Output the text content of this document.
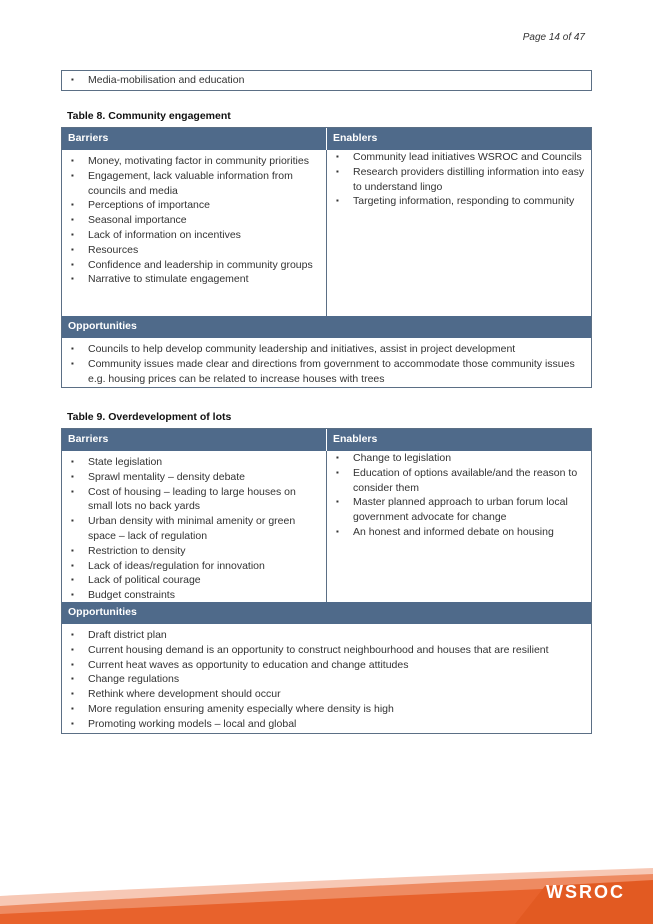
Page 14 of 47
▪ Media-mobilisation and education
Table 8. Community engagement
Barriers	Enablers
▪ Money, motivating factor in community priorities
▪ Engagement, lack valuable information from councils and media
▪ Perceptions of importance
▪ Seasonal importance
▪ Lack of information on incentives
▪ Resources
▪ Confidence and leadership in community groups
▪ Narrative to stimulate engagement
▪ Community lead initiatives WSROC and Councils
▪ Research providers distilling information into easy to understand lingo
▪ Targeting information, responding to community
Opportunities
▪ Councils to help develop community leadership and initiatives, assist in project development
▪ Community issues made clear and directions from government to accommodate those community issues e.g. housing prices can be related to increase houses with trees
Table 9. Overdevelopment of lots
Barriers	Enablers
▪ State legislation
▪ Sprawl mentality – density debate
▪ Cost of housing – leading to large houses on small lots no back yards
▪ Urban density with minimal amenity or green space – lack of regulation
▪ Restriction to density
▪ Lack of ideas/regulation for innovation
▪ Lack of political courage
▪ Budget constraints
▪ Change to legislation
▪ Education of options available/and the reason to consider them
▪ Master planned approach to urban forum local government advocate for change
▪ An honest and informed debate on housing
Opportunities
▪ Draft district plan
▪ Current housing demand is an opportunity to construct neighbourhood and houses that are resilient
▪ Current heat waves as opportunity to education and change attitudes
▪ Change regulations
▪ Rethink where development should occur
▪ More regulation ensuring amenity especially where density is high
▪ Promoting working models – local and global
WSROC
